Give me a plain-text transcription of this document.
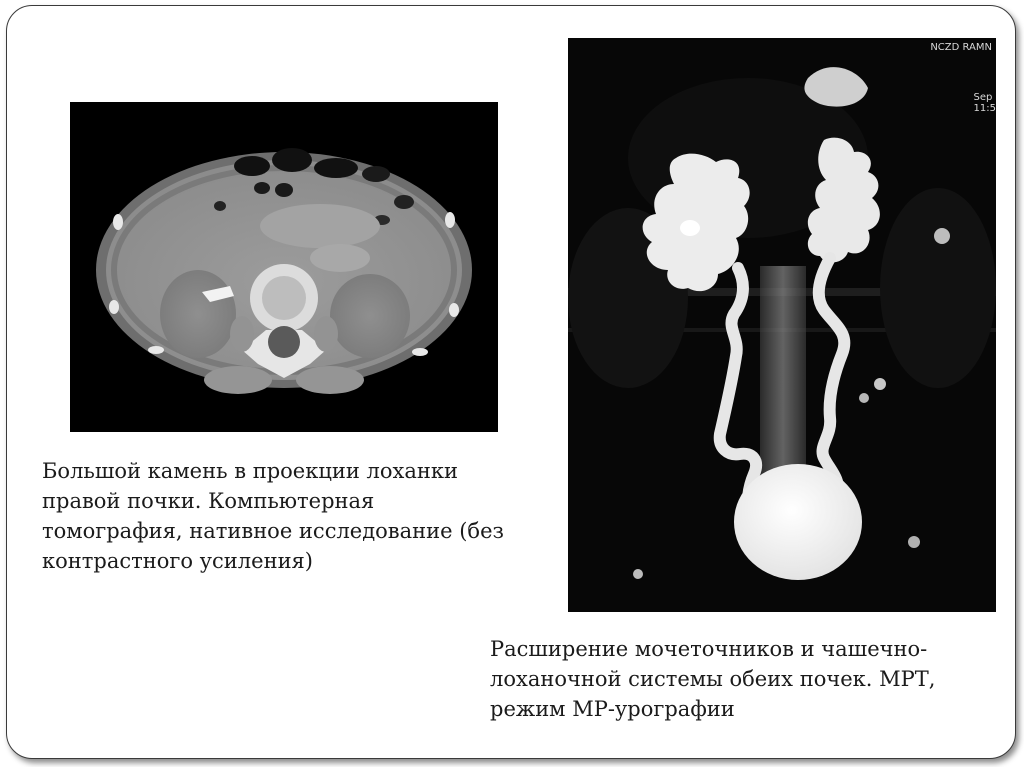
Большой камень в проекции лоханки
правой почки. Компьютерная
томография, нативное исследование (без
контрастного усиления)

NCZD RAMN
Sep
11:5

Расширение мочеточников и чашечно-
лоханочной системы обеих почек. МРТ,
режим МР-урографии
